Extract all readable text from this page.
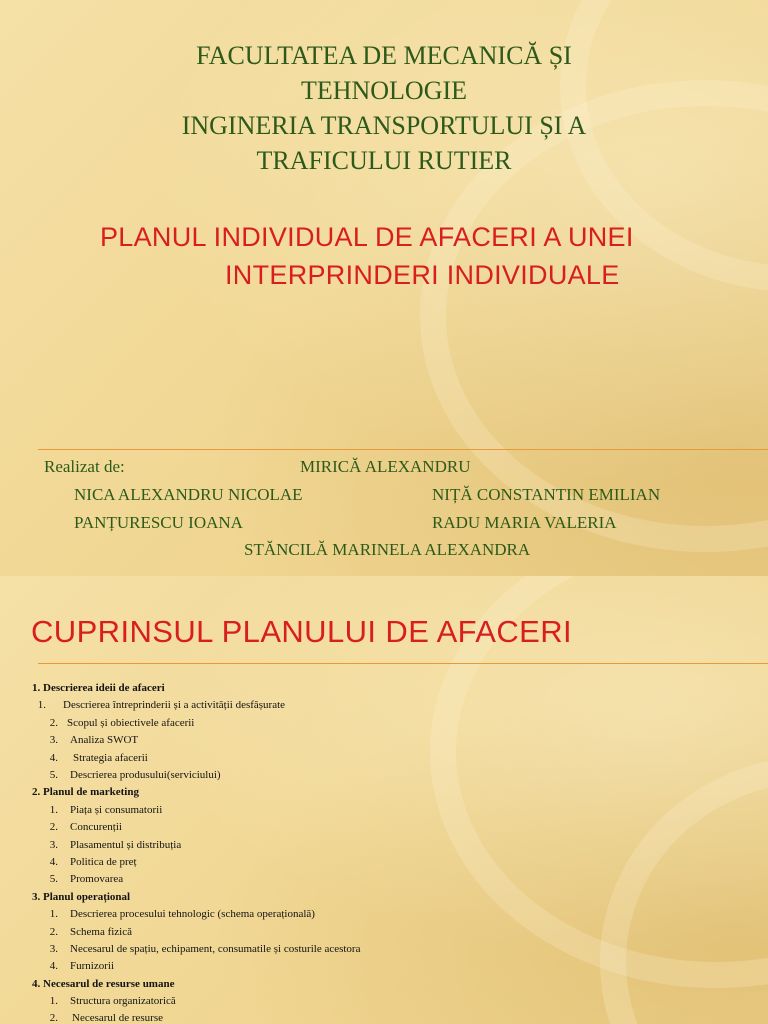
FACULTATEA DE MECANICĂ ȘI
TEHNOLOGIE
INGINERIA TRANSPORTULUI ȘI A
TRAFICULUI RUTIER
PLANUL INDIVIDUAL DE AFACERI A UNEI
INTERPRINDERI INDIVIDUALE
Realizat de:	MIRICĂ ALEXANDRU
NICA ALEXANDRU NICOLAE	NIȚĂ CONSTANTIN EMILIAN
PANȚURESCU IOANA	RADU MARIA VALERIA
STĂNCILĂ MARINELA ALEXANDRA
CUPRINSUL PLANULUI DE AFACERI
1. Descrierea ideii de afaceri
1. Descrierea întreprinderii și a activității desfășurate
2. Scopul și obiectivele afacerii
3. Analiza SWOT
4. Strategia afacerii
5. Descrierea produsului(serviciului)
2. Planul de marketing
1. Piața și consumatorii
2. Concurenții
3. Plasamentul și distribuția
4. Politica de preț
5. Promovarea
3. Planul operațional
1. Descrierea procesului tehnologic (schema operațională)
2. Schema fizică
3. Necesarul de spațiu, echipament, consumatile și costurile acestora
4. Furnizorii
4. Necesarul de resurse umane
1. Structura organizatorică
2. Necesarul de resurse
